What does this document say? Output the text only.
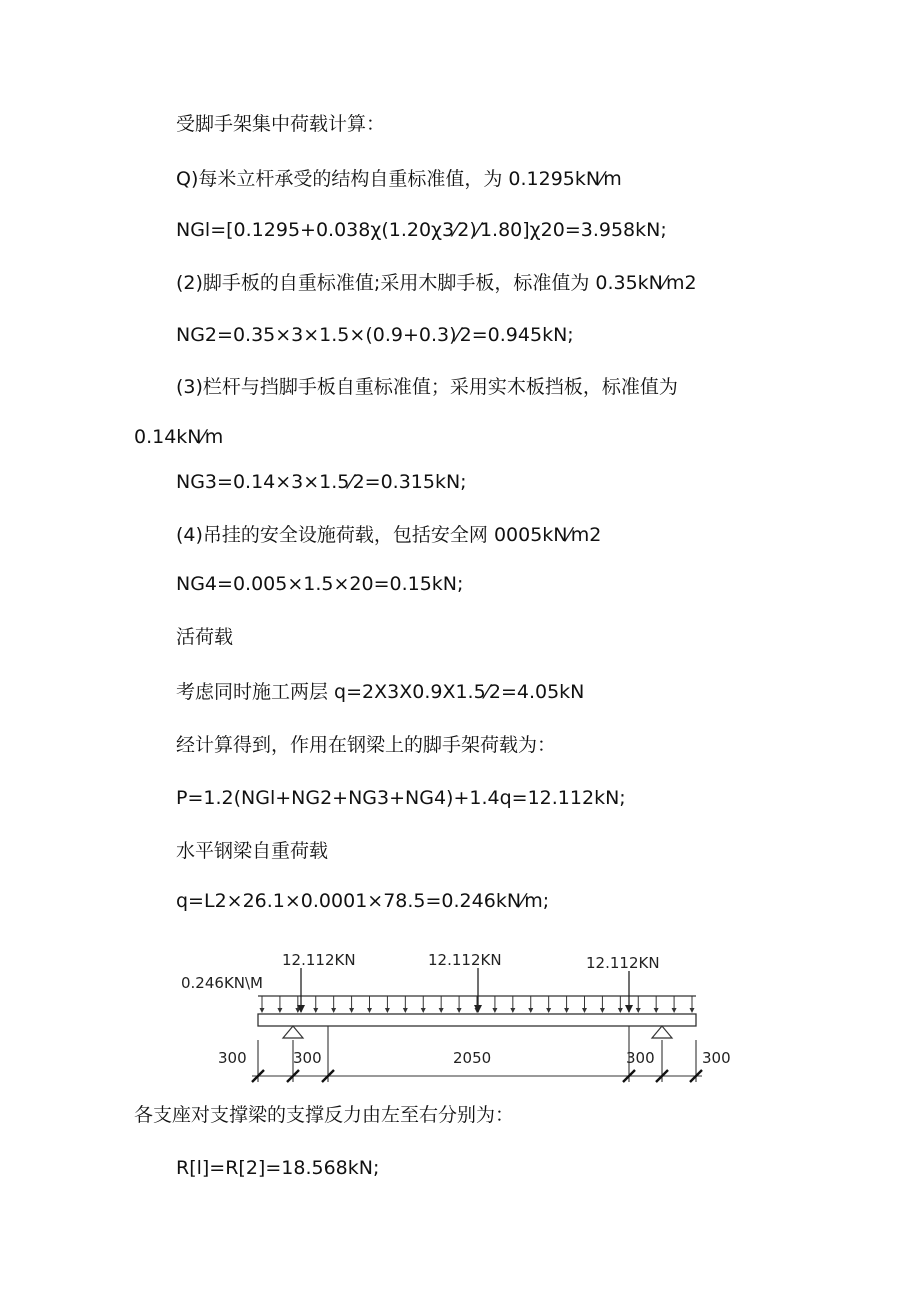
受脚手架集中荷载计算：
Q)每米立杆承受的结构自重标准值，为 0.1295kN⁄m
NGl=[0.1295+0.038χ(1.20χ3⁄2)⁄1.80]χ20=3.958kN;
(2)脚手板的自重标准值;采用木脚手板，标准值为 0.35kN⁄m2
NG2=0.35×3×1.5×(0.9+0.3)⁄2=0.945kN;
(3)栏杆与挡脚手板自重标准值；采用实木板挡板，标准值为
0.14kN⁄m
NG3=0.14×3×1.5⁄2=0.315kN;
(4)吊挂的安全设施荷载，包括安全网 0005kN⁄m2
NG4=0.005×1.5×20=0.15kN;
活荷载
考虑同时施工两层 q=2X3X0.9X1.5⁄2=4.05kN
经计算得到，作用在钢梁上的脚手架荷载为：
P=1.2(NGl+NG2+NG3+NG4)+1.4q=12.112kN;
水平钢梁自重荷载
q=L2×26.1×0.0001×78.5=0.246kN⁄m;
各支座对支撑梁的支撑反力由左至右分别为：
R[l]=R[2]=18.568kN;
0.246KN\M
12.112KN	12.112KN	12.112KN
300	300	2050	300	300
